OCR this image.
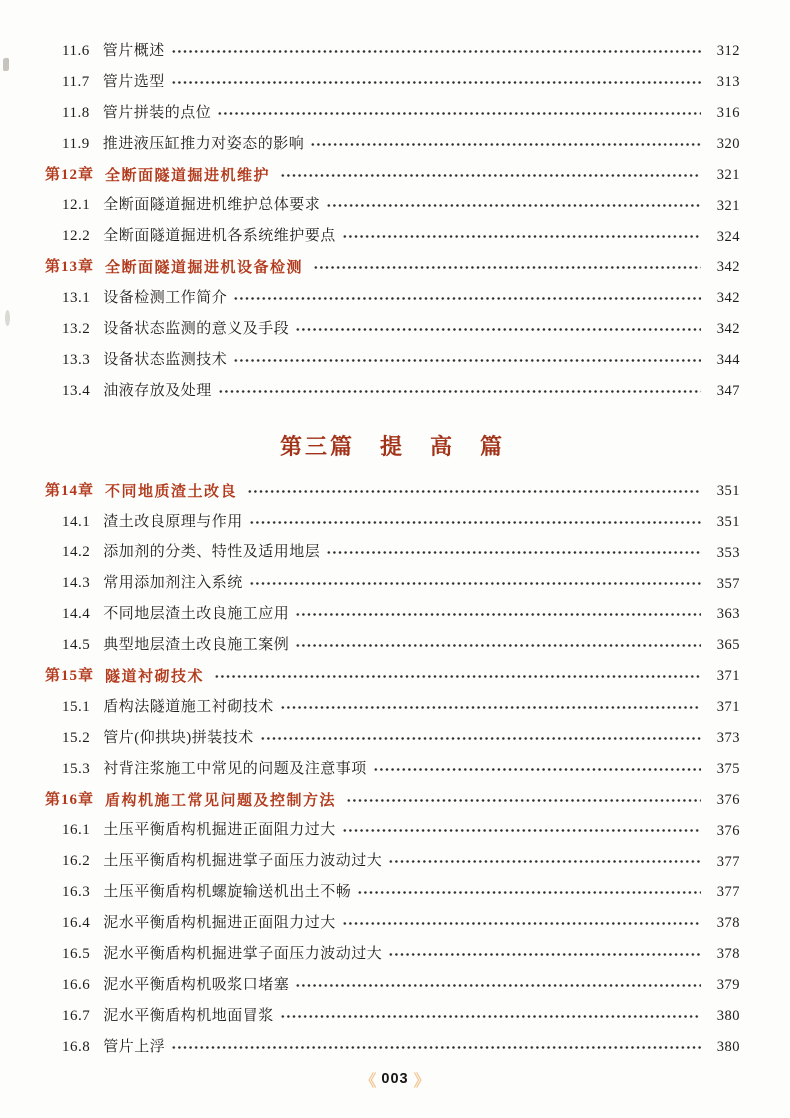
11.6 管片概述	312
11.7 管片选型	313
11.8 管片拼装的点位	316
11.9 推进液压缸推力对姿态的影响	320
第12章 全断面隧道掘进机维护	321
12.1 全断面隧道掘进机维护总体要求	321
12.2 全断面隧道掘进机各系统维护要点	324
第13章 全断面隧道掘进机设备检测	342
13.1 设备检测工作简介	342
13.2 设备状态监测的意义及手段	342
13.3 设备状态监测技术	344
13.4 油液存放及处理	347
第三篇　提　高　篇
第14章 不同地质渣土改良	351
14.1 渣土改良原理与作用	351
14.2 添加剂的分类、特性及适用地层	353
14.3 常用添加剂注入系统	357
14.4 不同地层渣土改良施工应用	363
14.5 典型地层渣土改良施工案例	365
第15章 隧道衬砌技术	371
15.1 盾构法隧道施工衬砌技术	371
15.2 管片(仰拱块)拼装技术	373
15.3 衬背注浆施工中常见的问题及注意事项	375
第16章 盾构机施工常见问题及控制方法	376
16.1 土压平衡盾构机掘进正面阻力过大	376
16.2 土压平衡盾构机掘进掌子面压力波动过大	377
16.3 土压平衡盾构机螺旋输送机出土不畅	377
16.4 泥水平衡盾构机掘进正面阻力过大	378
16.5 泥水平衡盾构机掘进掌子面压力波动过大	378
16.6 泥水平衡盾构机吸浆口堵塞	379
16.7 泥水平衡盾构机地面冒浆	380
16.8 管片上浮	380
《 003 》
